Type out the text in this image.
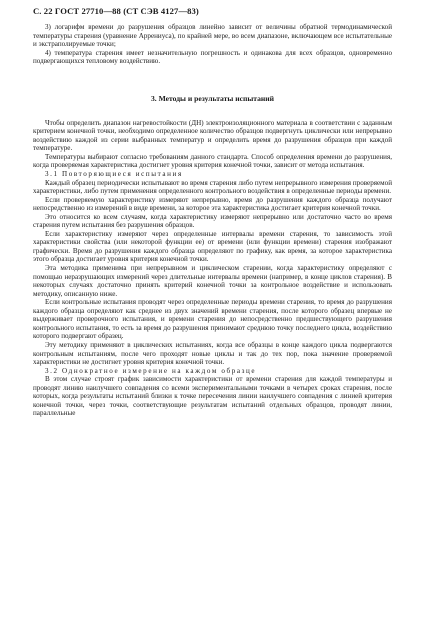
С. 22 ГОСТ 27710—88 (СТ СЭВ 4127—83)

3) логарифм времени до разрушения образцов линейно зависит от величины обратной термодинамической температуры старения (уравнение Аррениуса), по крайней мере, во всем диапазоне, включающем все испытательные и экстраполируемые точки;

4) температура старения имеет незначительную погрешность и одинакова для всех образцов, одновременно подвергающихся тепловому воздействию.

3. Методы и результаты испытаний

Чтобы определить диапазон нагревостойкости (ДН) электроизоляционного материала в соответствии с заданным критерием конечной точки, необходимо определенное количество образцов подвергнуть циклически или непрерывно воздействию каждой из серии выбранных температур и определить время до разрушения образцов при каждой температуре.

Температуры выбирают согласно требованиям данного стандарта. Способ определения времени до разрушения, когда проверяемая характеристика достигнет уровня критерия конечной точки, зависит от метода испытания.

3.1 Повторяющиеся испытания

Каждый образец периодически испытывают во время старения либо путем непрерывного измерения проверяемой характеристики, либо путем применения определенного контрольного воздействия в определенные периоды времени.

Если проверяемую характеристику измеряют непрерывно, время до разрушения каждого образца получают непосредственно из измерений в виде времени, за которое эта характеристика достигает критерия конечной точки.

Это относится ко всем случаям, когда характеристику измеряют непрерывно или достаточно часто во время старения путем испытания без разрушения образцов.

Если характеристику измеряют через определенные интервалы времени старения, то зависимость этой характеристики свойства (или некоторой функции ее) от времени (или функции времени) старения изображают графически. Время до разрушения каждого образца определяют по графику, как время, за которое характеристика этого образца достигает уровня критерия конечной точки.

Эта методика применима при непрерывном и циклическом старении, когда характеристику определяют с помощью неразрушающих измерений через длительные интервалы времени (например, в конце циклов старения). В некоторых случаях достаточно принять критерий конечной точки за контрольное воздействие и использовать методику, описанную ниже.

Если контрольные испытания проводят через определенные периоды времени старения, то время до разрушения каждого образца определяют как среднее из двух значений времени старения, после которого образец впервые не выдерживает проверочного испытания, и времени старения до непосредственно предшествующего разрушения контрольного испытания, то есть за время до разрушения принимают среднюю точку последнего цикла, воздействию которого подвергают образец.

Эту методику применяют в циклических испытаниях, когда все образцы в конце каждого цикла подвергаются контрольным испытаниям, после чего проходят новые циклы и так до тех пор, пока значение проверяемой характеристики не достигнет уровня критерия конечной точки.

3.2 Однократное измерение на каждом образце

В этом случае строят график зависимости характеристики от времени старения для каждой температуры и проводят линию наилучшего совпадения со всеми экспериментальными точками в четырех сроках старения, после которых, когда результаты испытаний близки к точке пересечения линии наилучшего совпадения с линией критерия конечной точки, через точки, соответствующие результатам испытаний отдельных образцов, проводят линии, параллельные
